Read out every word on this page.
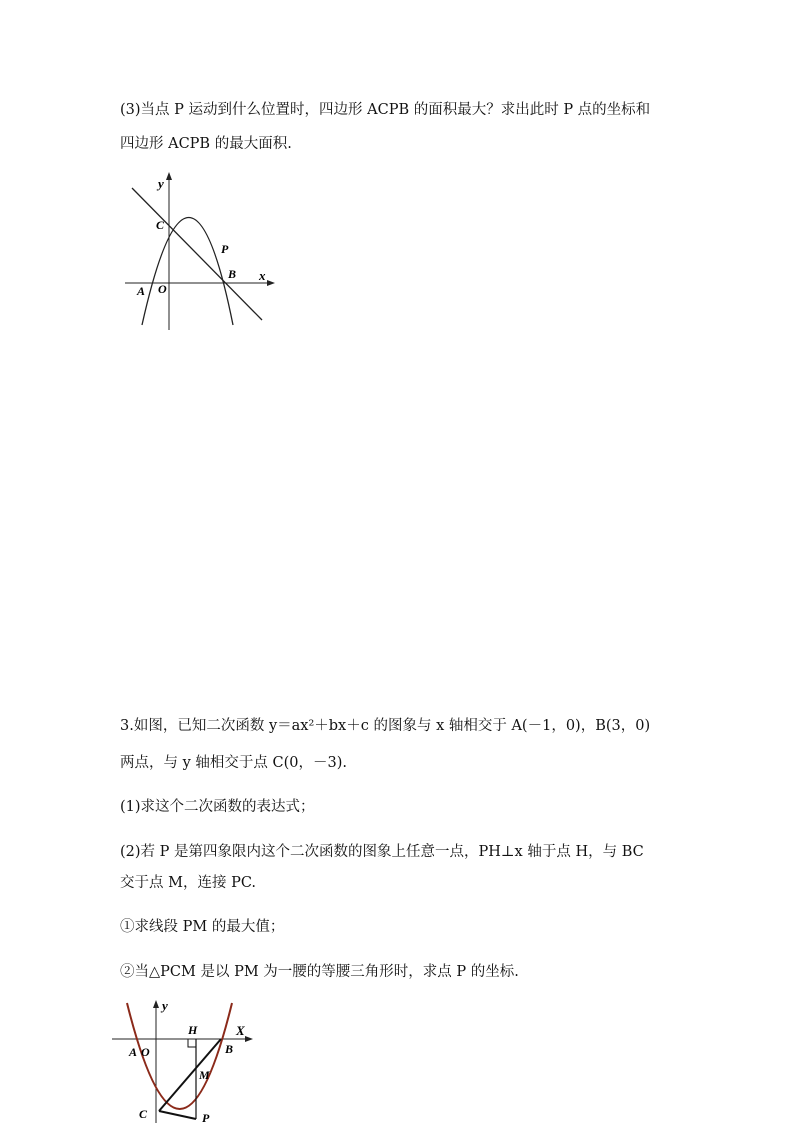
(3)当点 P 运动到什么位置时，四边形 ACPB 的面积最大？求出此时 P 点的坐标和
四边形 ACPB 的最大面积.
y
x
C
P
B
A O
3.如图，已知二次函数 y＝ax²＋bx＋c 的图象与 x 轴相交于 A(－1，0)，B(3，0)
两点，与 y 轴相交于点 C(0，－3).
(1)求这个二次函数的表达式；
(2)若 P 是第四象限内这个二次函数的图象上任意一点，PH⊥x 轴于点 H，与 BC
交于点 M，连接 PC.
①求线段 PM 的最大值；
②当△PCM 是以 PM 为一腰的等腰三角形时，求点 P 的坐标.
y
H	X
A O	B
M
C	P
